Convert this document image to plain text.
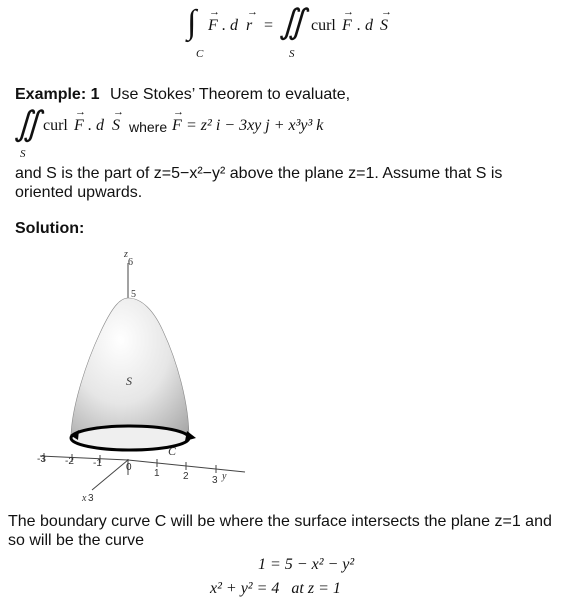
∫
C
→ F . d → r = ∬
S
curl → F . d → S
Example: 1 Use Stokes’ Theorem to evaluate,
∬
S
curl → F . d → S where → F = z² i − 3xy j + x³y³ k
and S is the part of z=5−x²−y² above the plane z=1. Assume that S is
oriented upwards.
Solution:
z
6
5
S
C
-3 -2 -1 0
1 2 3 y
x 3
The boundary curve C will be where the surface intersects the plane z=1 and
so will be the curve
1 = 5 − x² − y²
x² + y² = 4   at z = 1
